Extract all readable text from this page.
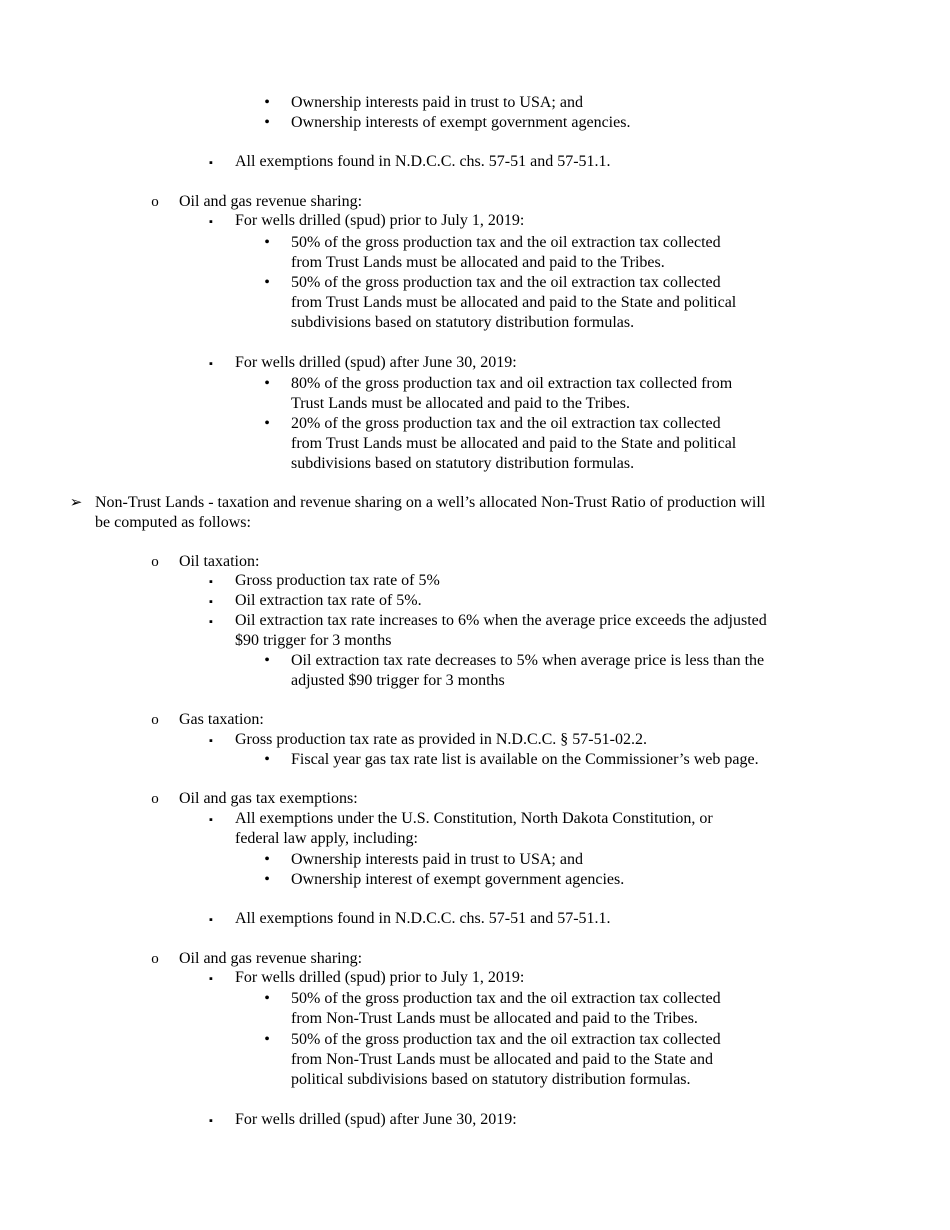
•	Ownership interests paid in trust to USA; and
•	Ownership interests of exempt government agencies.
▪	All exemptions found in N.D.C.C. chs. 57-51 and 57-51.1.
o	Oil and gas revenue sharing:
▪	For wells drilled (spud) prior to July 1, 2019:
•	50% of the gross production tax and the oil extraction tax collected
from Trust Lands must be allocated and paid to the Tribes.
•	50% of the gross production tax and the oil extraction tax collected
from Trust Lands must be allocated and paid to the State and political
subdivisions based on statutory distribution formulas.
▪	For wells drilled (spud) after June 30, 2019:
•	80% of the gross production tax and oil extraction tax collected from
Trust Lands must be allocated and paid to the Tribes.
•	20% of the gross production tax and the oil extraction tax collected
from Trust Lands must be allocated and paid to the State and political
subdivisions based on statutory distribution formulas.
➢ Non-Trust Lands - taxation and revenue sharing on a well’s allocated Non-Trust Ratio of production will
be computed as follows:
o	Oil taxation:
▪	Gross production tax rate of 5%
▪	Oil extraction tax rate of 5%.
▪	Oil extraction tax rate increases to 6% when the average price exceeds the adjusted
$90 trigger for 3 months
•	Oil extraction tax rate decreases to 5% when average price is less than the
adjusted $90 trigger for 3 months
o	Gas taxation:
▪	Gross production tax rate as provided in N.D.C.C. § 57-51-02.2.
•	Fiscal year gas tax rate list is available on the Commissioner’s web page.
o	Oil and gas tax exemptions:
▪	All exemptions under the U.S. Constitution, North Dakota Constitution, or
federal law apply, including:
•	Ownership interests paid in trust to USA; and
•	Ownership interest of exempt government agencies.
▪	All exemptions found in N.D.C.C. chs. 57-51 and 57-51.1.
o	Oil and gas revenue sharing:
▪	For wells drilled (spud) prior to July 1, 2019:
•	50% of the gross production tax and the oil extraction tax collected
from Non-Trust Lands must be allocated and paid to the Tribes.
•	50% of the gross production tax and the oil extraction tax collected
from Non-Trust Lands must be allocated and paid to the State and
political subdivisions based on statutory distribution formulas.
▪	For wells drilled (spud) after June 30, 2019:
